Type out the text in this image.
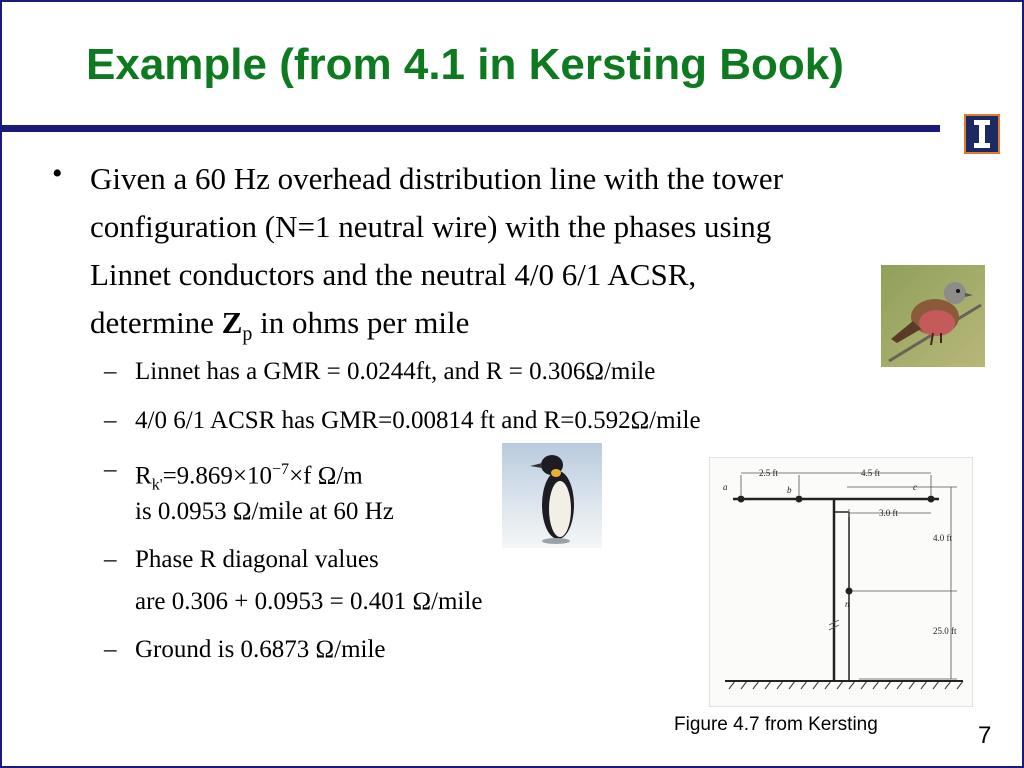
Example (from 4.1 in Kersting Book)
• Given a 60 Hz overhead distribution line with the tower
configuration (N=1 neutral wire) with the phases using
Linnet conductors and the neutral 4/0 6/1 ACSR,
determine $Z_p$ in ohms per mile
– Linnet has a GMR = 0.0244ft, and R = 0.306Ω/mile
– 4/0 6/1 ACSR has GMR=0.00814 ft and R=0.592Ω/mile
– $R_{k'}=9.869\times 10^{-7}\times f$ Ω/m
is 0.0953 Ω/mile at 60 Hz
– Phase R diagonal values
are 0.306 + 0.0953 = 0.401 Ω/mile
– Ground is 0.6873 Ω/mile
a	b	c
n
2.5 ft	4.5 ft
3.0 ft
4.0 ft
25.0 ft
Figure 4.7 from Kersting	7
